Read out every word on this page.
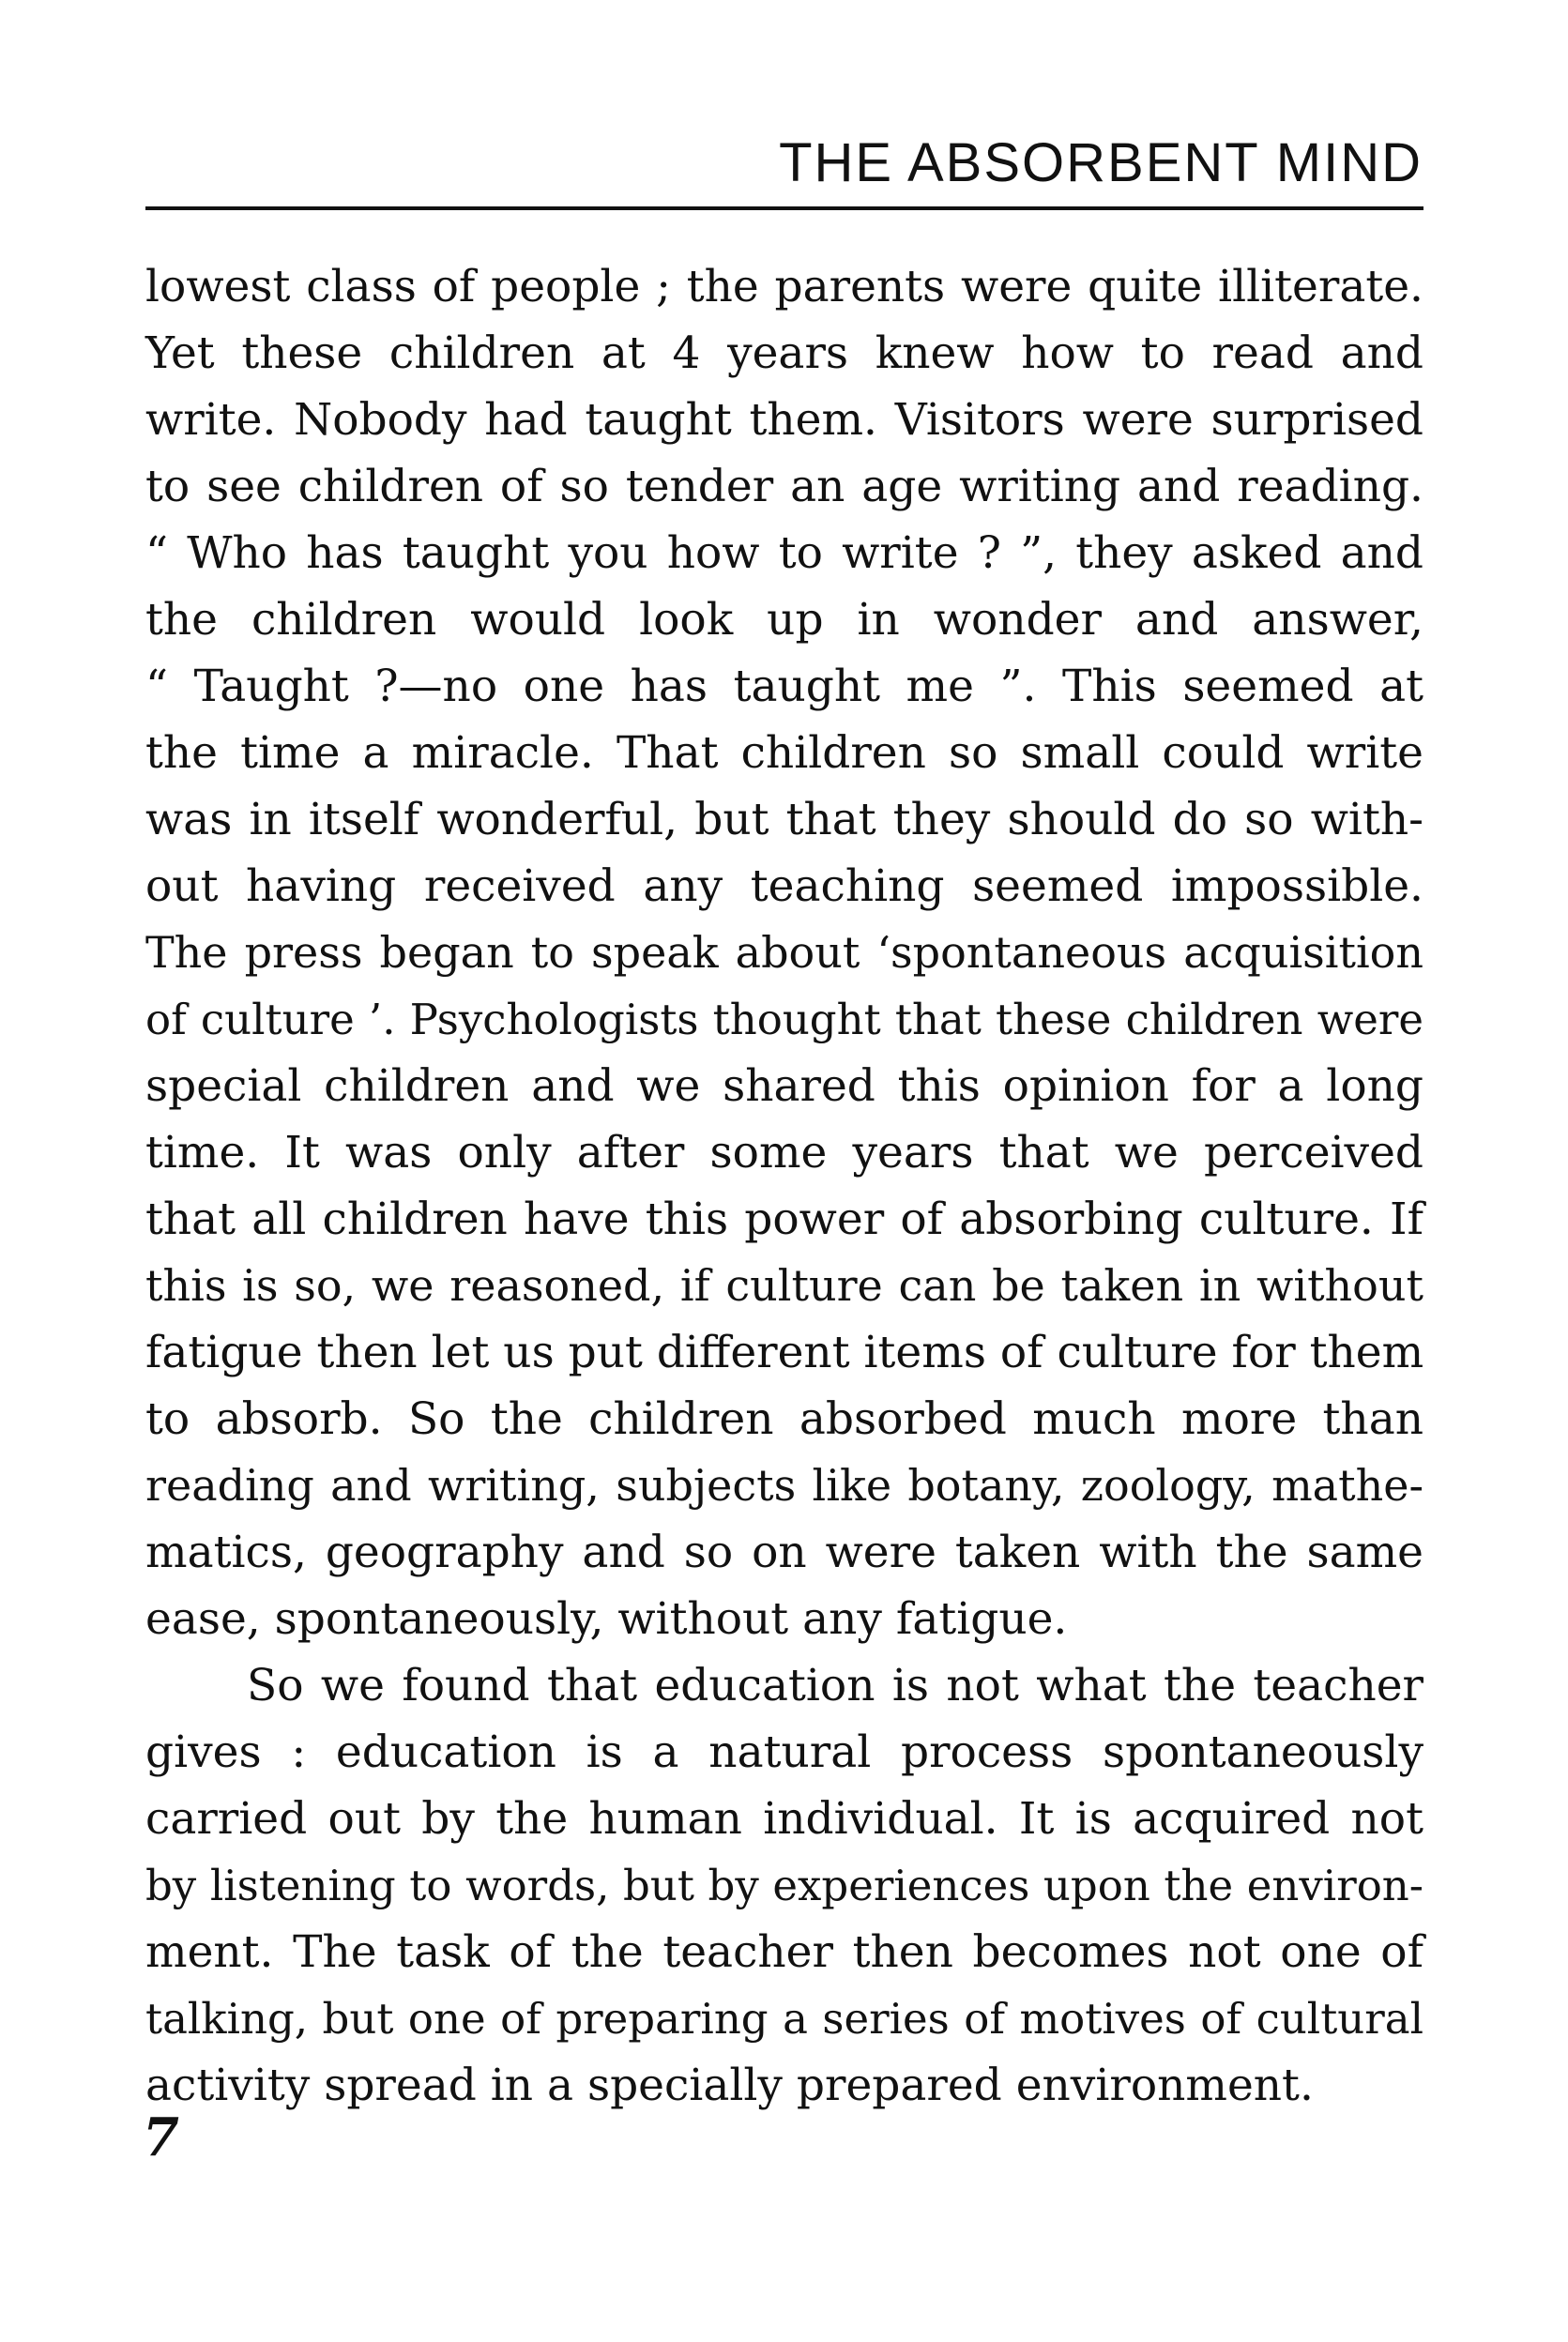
THE ABSORBENT MIND
lowest class of people ; the parents were quite illiterate.
Yet these children at 4 years knew how to read and
write. Nobody had taught them. Visitors were surprised
to see children of so tender an age writing and reading.
“ Who has taught you how to write ? ”, they asked and
the children would look up in wonder and answer,
“ Taught ?—no one has taught me ”. This seemed at
the time a miracle. That children so small could write
was in itself wonderful, but that they should do so with-
out having received any teaching seemed impossible.
The press began to speak about ‘spontaneous acquisition
of culture ’. Psychologists thought that these children were
special children and we shared this opinion for a long
time. It was only after some years that we perceived
that all children have this power of absorbing culture. If
this is so, we reasoned, if culture can be taken in without
fatigue then let us put different items of culture for them
to absorb. So the children absorbed much more than
reading and writing, subjects like botany, zoology, mathe-
matics, geography and so on were taken with the same
ease, spontaneously, without any fatigue.
So we found that education is not what the teacher
gives : education is a natural process spontaneously
carried out by the human individual. It is acquired not
by listening to words, but by experiences upon the environ-
ment. The task of the teacher then becomes not one of
talking, but one of preparing a series of motives of cultural
activity spread in a specially prepared environment.
7
